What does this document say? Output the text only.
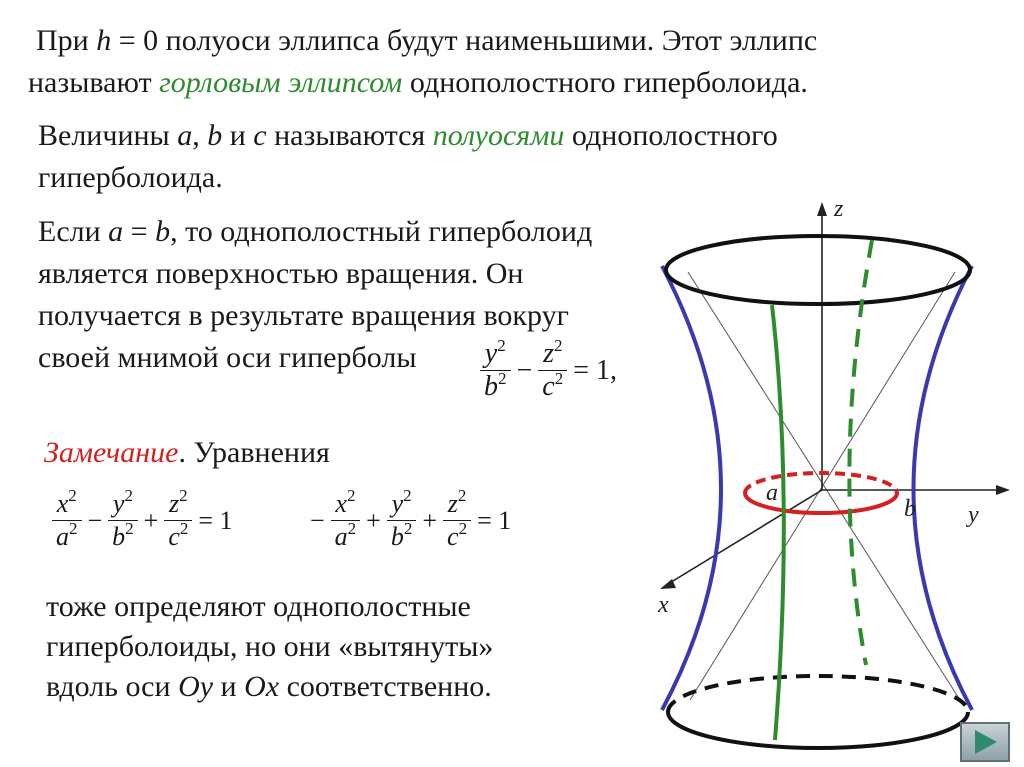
При h = 0 полуоси эллипса будут наименьшими. Этот эллипс
называют горловым эллипсом однополостного гиперболоида.
Величины a, b и c называются полуосями однополостного
гиперболоида.
Если a = b, то однополостный гиперболоид
является поверхностью вращения. Он
получается в результате вращения вокруг
своей мнимой оси гиперболы $\frac{y^2}{b^2} - \frac{z^2}{c^2} = 1$,
Замечание. Уравнения
$\frac{x^2}{a^2} - \frac{y^2}{b^2} + \frac{z^2}{c^2} = 1$	− $\frac{x^2}{a^2} + \frac{y^2}{b^2} + \frac{z^2}{c^2} = 1$
тоже определяют однополостные
гиперболоиды, но они «вытянуты»
вдоль оси Oy и Ox соответственно.
z
y
x
a
b
